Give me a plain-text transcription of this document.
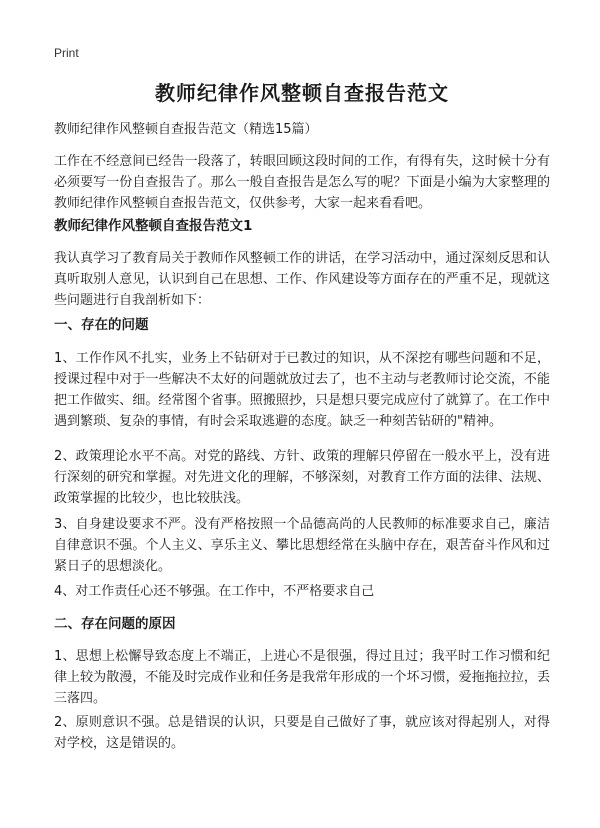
Print
教师纪律作风整顿自查报告范文
教师纪律作风整顿自查报告范文（精选15篇）

工作在不经意间已经告一段落了，转眼回顾这段时间的工作，有得有失，这时候十分有必须要写一份自查报告了。那么一般自查报告是怎么写的呢？下面是小编为大家整理的教师纪律作风整顿自查报告范文，仅供参考，大家一起来看看吧。

教师纪律作风整顿自查报告范文1

我认真学习了教育局关于教师作风整顿工作的讲话，在学习活动中，通过深刻反思和认真听取别人意见，认识到自己在思想、工作、作风建设等方面存在的严重不足，现就这些问题进行自我剖析如下：

一、存在的问题

1、工作作风不扎实，业务上不钻研对于已教过的知识，从不深挖有哪些问题和不足，授课过程中对于一些解决不太好的问题就放过去了，也不主动与老教师讨论交流，不能把工作做实、细。经常图个省事。照搬照抄，只是想只要完成应付了就算了。在工作中遇到繁琐、复杂的事情，有时会采取逃避的态度。缺乏一种刻苦钻研的"精神。

2、政策理论水平不高。对党的路线、方针、政策的理解只停留在一般水平上，没有进行深刻的研究和掌握。对先进文化的理解，不够深刻，对教育工作方面的法律、法规、政策掌握的比较少，也比较肤浅。

3、自身建设要求不严。没有严格按照一个品德高尚的人民教师的标准要求自己，廉洁自律意识不强。个人主义、享乐主义、攀比思想经常在头脑中存在，艰苦奋斗作风和过紧日子的思想淡化。

4、对工作责任心还不够强。在工作中，不严格要求自己

二、存在问题的原因

1、思想上松懈导致态度上不端正，上进心不是很强，得过且过；我平时工作习惯和纪律上较为散漫，不能及时完成作业和任务是我常年形成的一个坏习惯，爱拖拖拉拉，丢三落四。

2、原则意识不强。总是错误的认识，只要是自己做好了事，就应该对得起别人，对得对学校，这是错误的。
